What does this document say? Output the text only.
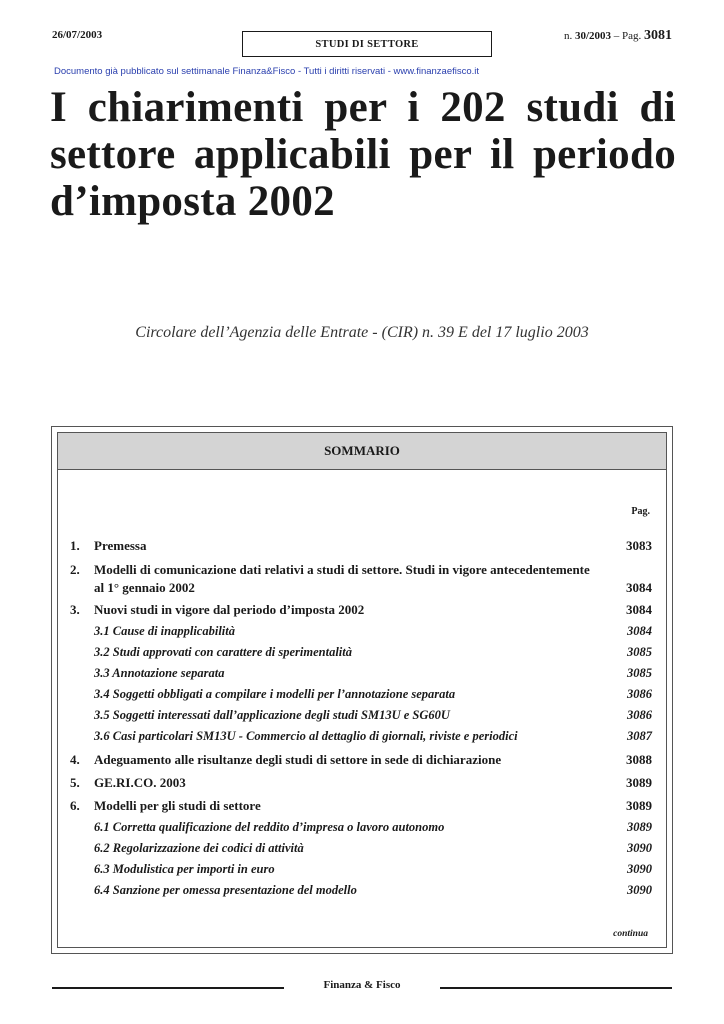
26/07/2003
STUDI DI SETTORE
n. 30/2003 – Pag. 3081
Documento già pubblicato sul settimanale Finanza&Fisco - Tutti i diritti riservati - www.finanzaefisco.it
I chiarimenti per i 202 studi di
settore applicabili per il periodo
d’imposta 2002
Circolare dell’Agenzia delle Entrate - (CIR) n. 39 E del 17 luglio 2003
SOMMARIO
Pag.
1. Premessa	3083
2. Modelli di comunicazione dati relativi a studi di settore. Studi in vigore antecedentemente al 1° gennaio 2002	3084
3. Nuovi studi in vigore dal periodo d’imposta 2002	3084
3.1 Cause di inapplicabilità	3084
3.2 Studi approvati con carattere di sperimentalità	3085
3.3 Annotazione separata	3085
3.4 Soggetti obbligati a compilare i modelli per l’annotazione separata	3086
3.5 Soggetti interessati dall’applicazione degli studi SM13U e SG60U	3086
3.6 Casi particolari SM13U - Commercio al dettaglio di giornali, riviste e periodici	3087
4. Adeguamento alle risultanze degli studi di settore in sede di dichiarazione	3088
5. GE.RI.CO. 2003	3089
6. Modelli per gli studi di settore	3089
6.1 Corretta qualificazione del reddito d’impresa o lavoro autonomo	3089
6.2 Regolarizzazione dei codici di attività	3090
6.3 Modulistica per importi in euro	3090
6.4 Sanzione per omessa presentazione del modello	3090
continua
Finanza & Fisco
